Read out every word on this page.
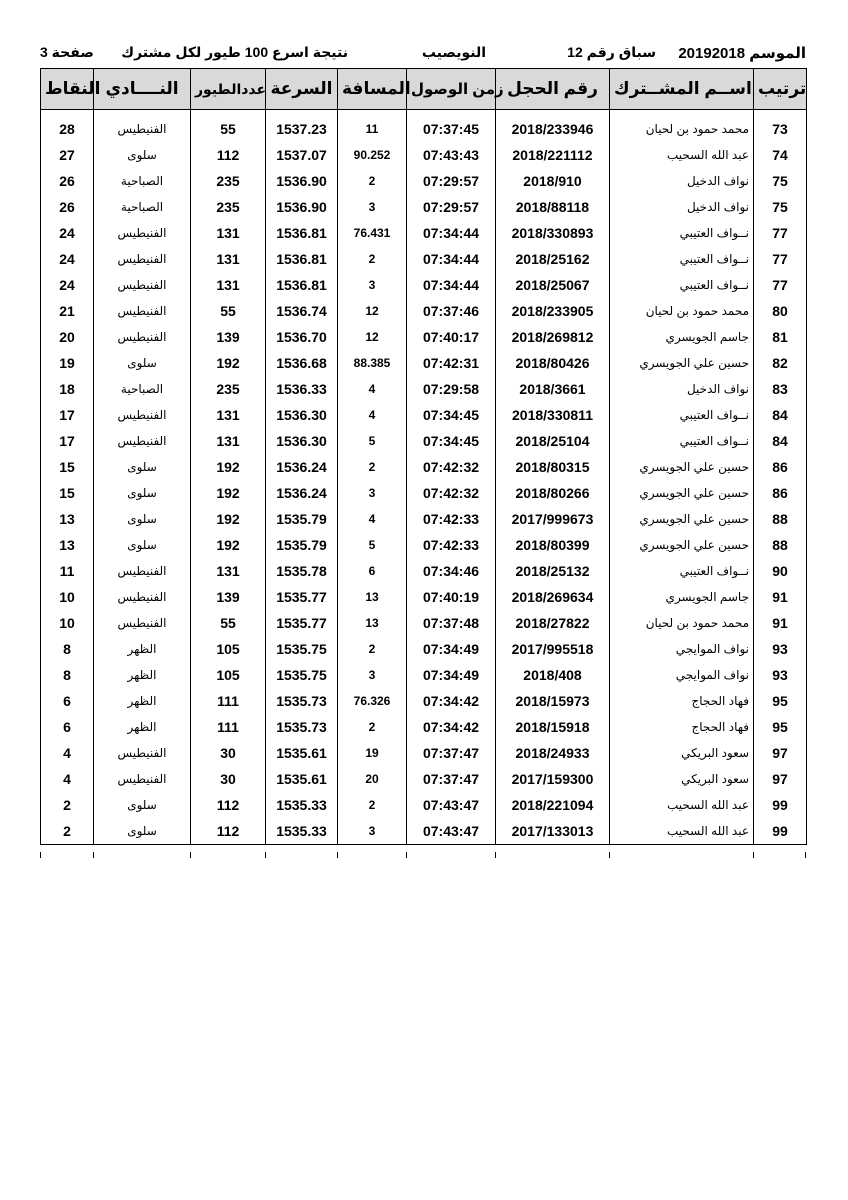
الموسم 20192018
سباق رقم 12
النويصيب
نتيجة اسرع 100 طيور لكل مشترك
صفحة 3
النقاط	النــــادي	عددالطيور	السرعة	المسافة	زمن الوصول	رقم الحجل	اســم المشــترك	ترتيب
28	الفنيطيس	55	1537.23	11	07:37:45	2018/233946	محمد حمود بن لحيان	73
27	سلوى	112	1537.07	90.252	07:43:43	2018/221112	عبد الله السحيب	74
26	الصباحية	235	1536.90	2	07:29:57	2018/910	نواف الدخيل	75
26	الصباحية	235	1536.90	3	07:29:57	2018/88118	نواف الدخيل	75
24	الفنيطيس	131	1536.81	76.431	07:34:44	2018/330893	نــواف العتيبي	77
24	الفنيطيس	131	1536.81	2	07:34:44	2018/25162	نــواف العتيبي	77
24	الفنيطيس	131	1536.81	3	07:34:44	2018/25067	نــواف العتيبي	77
21	الفنيطيس	55	1536.74	12	07:37:46	2018/233905	محمد حمود بن لحيان	80
20	الفنيطيس	139	1536.70	12	07:40:17	2018/269812	جاسم الجويسري	81
19	سلوى	192	1536.68	88.385	07:42:31	2018/80426	حسين علي الجويسري	82
18	الصباحية	235	1536.33	4	07:29:58	2018/3661	نواف الدخيل	83
17	الفنيطيس	131	1536.30	4	07:34:45	2018/330811	نــواف العتيبي	84
17	الفنيطيس	131	1536.30	5	07:34:45	2018/25104	نــواف العتيبي	84
15	سلوى	192	1536.24	2	07:42:32	2018/80315	حسين علي الجويسري	86
15	سلوى	192	1536.24	3	07:42:32	2018/80266	حسين علي الجويسري	86
13	سلوى	192	1535.79	4	07:42:33	2017/999673	حسين علي الجويسري	88
13	سلوى	192	1535.79	5	07:42:33	2018/80399	حسين علي الجويسري	88
11	الفنيطيس	131	1535.78	6	07:34:46	2018/25132	نــواف العتيبي	90
10	الفنيطيس	139	1535.77	13	07:40:19	2018/269634	جاسم الجويسري	91
10	الفنيطيس	55	1535.77	13	07:37:48	2018/27822	محمد حمود بن لحيان	91
8	الظهر	105	1535.75	2	07:34:49	2017/995518	نواف الموايجي	93
8	الظهر	105	1535.75	3	07:34:49	2018/408	نواف الموايجي	93
6	الظهر	111	1535.73	76.326	07:34:42	2018/15973	فهاد الحجاج	95
6	الظهر	111	1535.73	2	07:34:42	2018/15918	فهاد الحجاج	95
4	الفنيطيس	30	1535.61	19	07:37:47	2018/24933	سعود البريكي	97
4	الفنيطيس	30	1535.61	20	07:37:47	2017/159300	سعود البريكي	97
2	سلوى	112	1535.33	2	07:43:47	2018/221094	عبد الله السحيب	99
2	سلوى	112	1535.33	3	07:43:47	2017/133013	عبد الله السحيب	99
